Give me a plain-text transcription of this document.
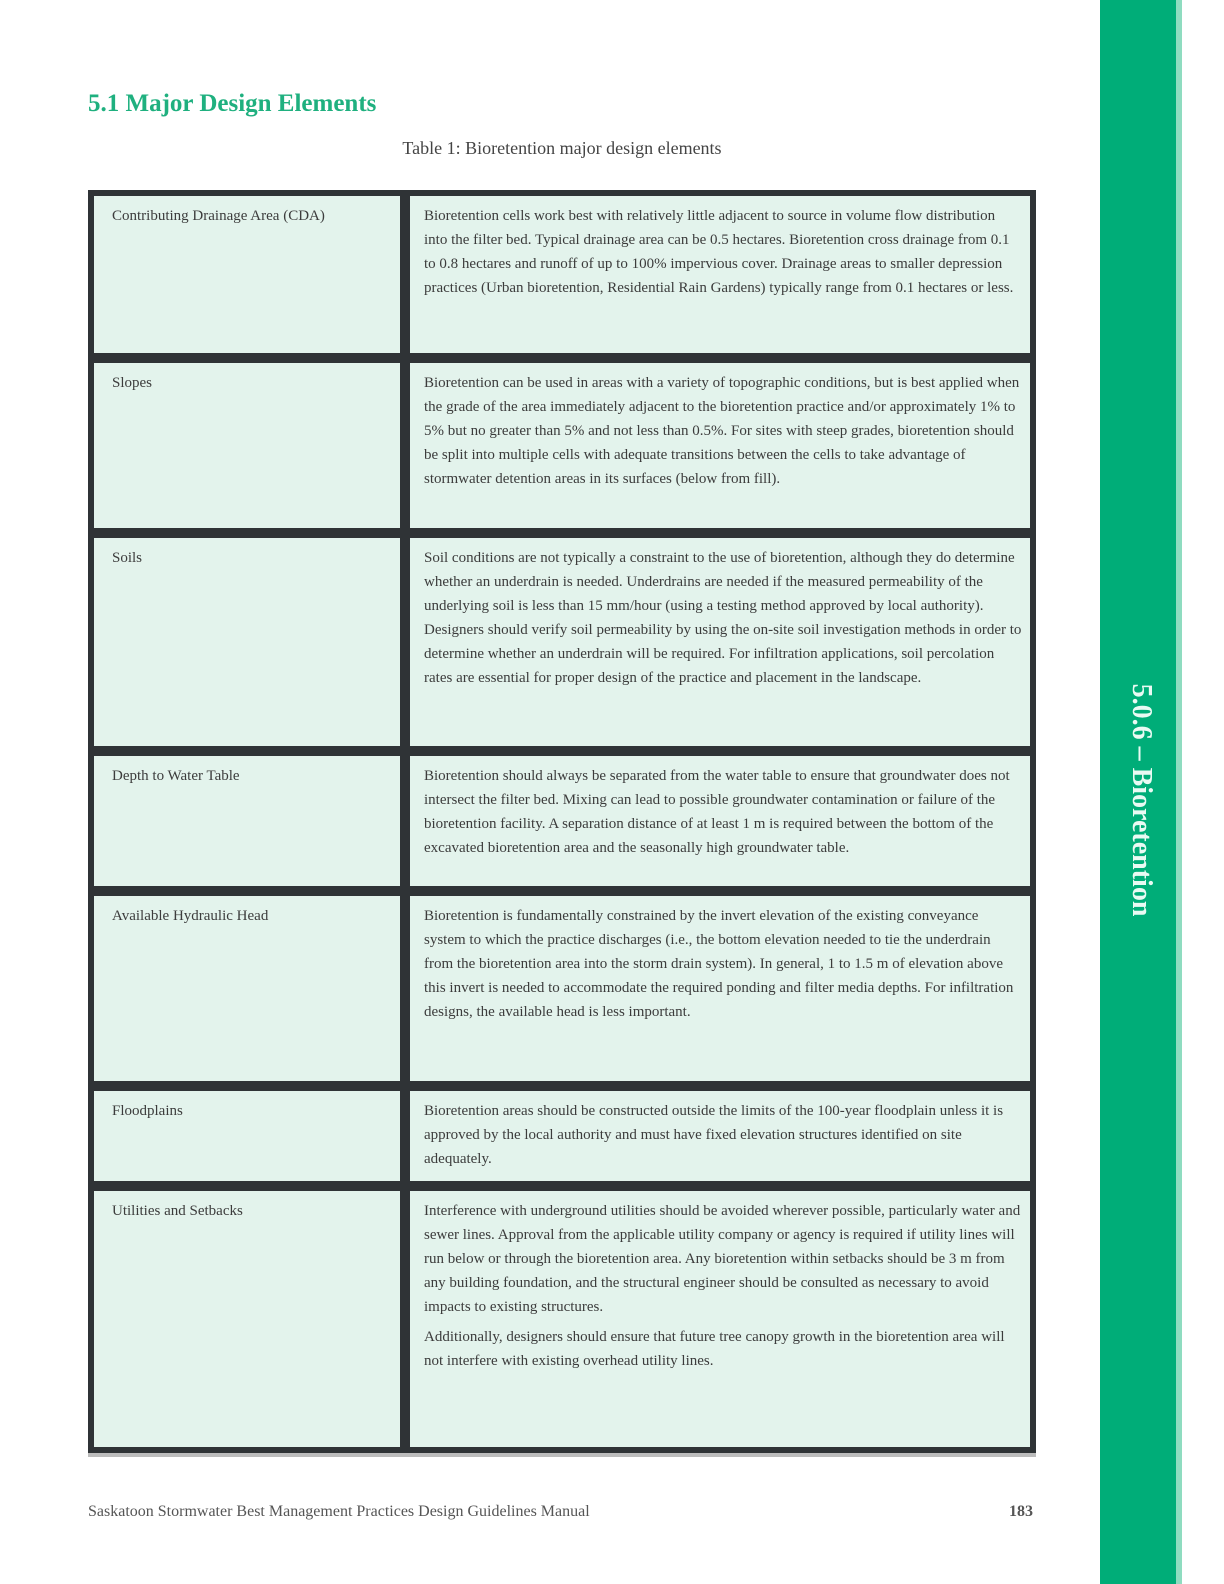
5.1 Major Design Elements
Table 1: Bioretention major design elements
Contributing Drainage Area (CDA)	Bioretention cells work best with relatively little adjacent to source in volume flow distribution into the filter bed. Typical drainage area can be 0.5 hectares. Bioretention cross drainage from 0.1 to 0.8 hectares and runoff of up to 100% impervious cover. Drainage areas to smaller depression practices (Urban bioretention, Residential Rain Gardens) typically range from 0.1 hectares or less.

Slopes	Bioretention can be used in areas with a variety of topographic conditions, but is best applied when the grade of the area immediately adjacent to the bioretention practice and/or approximately 1% to 5% but no greater than 5% and not less than 0.5%. For sites with steep grades, bioretention should be split into multiple cells with adequate transitions between the cells to take advantage of stormwater detention areas in its surfaces (below from fill).

Soils	Soil conditions are not typically a constraint to the use of bioretention, although they do determine whether an underdrain is needed. Underdrains are needed if the measured permeability of the underlying soil is less than 15 mm/hour (using a testing method approved by local authority). Designers should verify soil permeability by using the on-site soil investigation methods in order to determine whether an underdrain will be required. For infiltration applications, soil percolation rates are essential for proper design of the practice and placement in the landscape.

Depth to Water Table	Bioretention should always be separated from the water table to ensure that groundwater does not intersect the filter bed. Mixing can lead to possible groundwater contamination or failure of the bioretention facility. A separation distance of at least 1 m is required between the bottom of the excavated bioretention area and the seasonally high groundwater table.

Available Hydraulic Head	Bioretention is fundamentally constrained by the invert elevation of the existing conveyance system to which the practice discharges (i.e., the bottom elevation needed to tie the underdrain from the bioretention area into the storm drain system). In general, 1 to 1.5 m of elevation above this invert is needed to accommodate the required ponding and filter media depths. For infiltration designs, the available head is less important.

Floodplains	Bioretention areas should be constructed outside the limits of the 100-year floodplain unless it is approved by the local authority and must have fixed elevation structures identified on site adequately.

Utilities and Setbacks	Interference with underground utilities should be avoided wherever possible, particularly water and sewer lines. Approval from the applicable utility company or agency is required if utility lines will run below or through the bioretention area. Any bioretention within setbacks should be 3 m from any building foundation, and the structural engineer should be consulted as necessary to avoid impacts to existing structures.

Additionally, designers should ensure that future tree canopy growth in the bioretention area will not interfere with existing overhead utility lines.

Saskatoon Stormwater Best Management Practices Design Guidelines Manual	183
5.0.6 – Bioretention
